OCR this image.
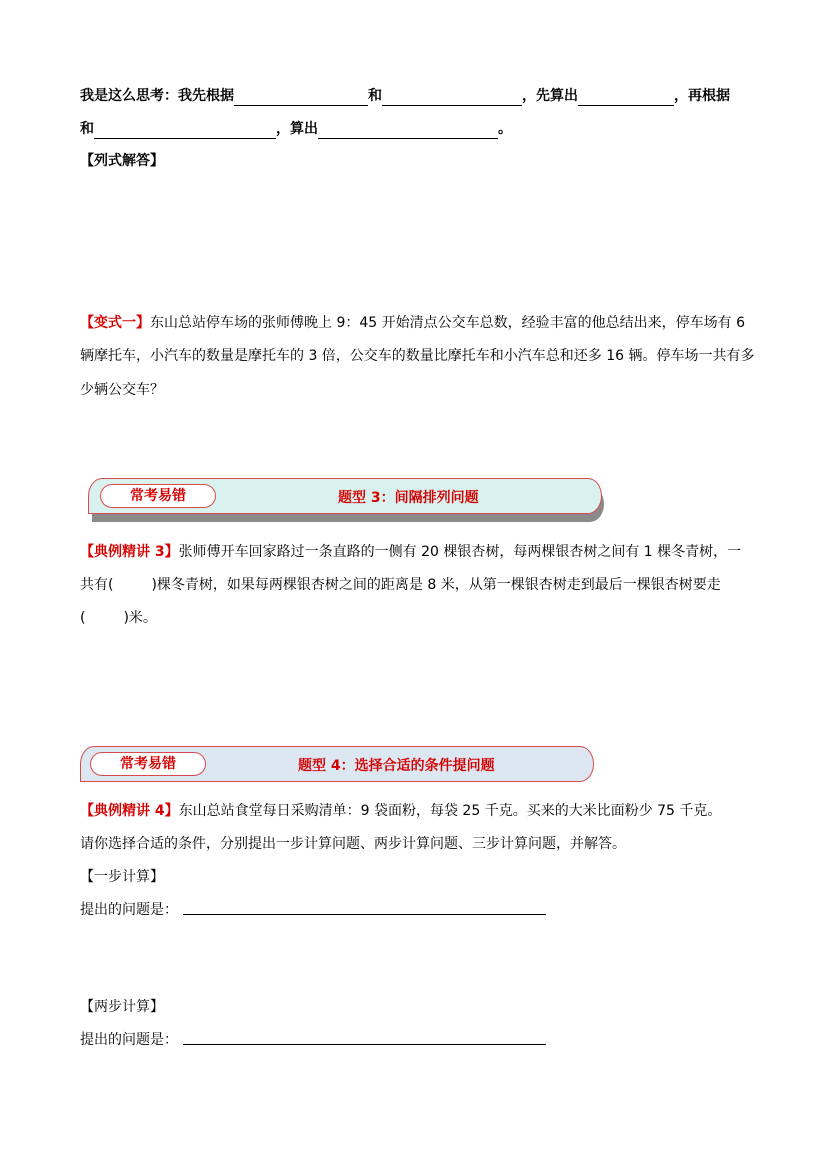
我是这么思考：我先根据	和	，先算出	，再根据
和	，算出	。
【列式解答】
【变式一】东山总站停车场的张师傅晚上 9：45 开始清点公交车总数，经验丰富的他总结出来，停车场有 6
辆摩托车，小汽车的数量是摩托车的 3 倍，公交车的数量比摩托车和小汽车总和还多 16 辆。停车场一共有多
少辆公交车？
常考易错	题型 3：间隔排列问题
【典例精讲 3】张师傅开车回家路过一条直路的一侧有 20 棵银杏树，每两棵银杏树之间有 1 棵冬青树，一
共有(	)棵冬青树，如果每两棵银杏树之间的距离是 8 米，从第一棵银杏树走到最后一棵银杏树要走
(	)米。
常考易错	题型 4：选择合适的条件提问题
【典例精讲 4】东山总站食堂每日采购清单：9 袋面粉，每袋 25 千克。买来的大米比面粉少 75 千克。
请你选择合适的条件，分别提出一步计算问题、两步计算问题、三步计算问题，并解答。
【一步计算】
提出的问题是：
【两步计算】
提出的问题是：
